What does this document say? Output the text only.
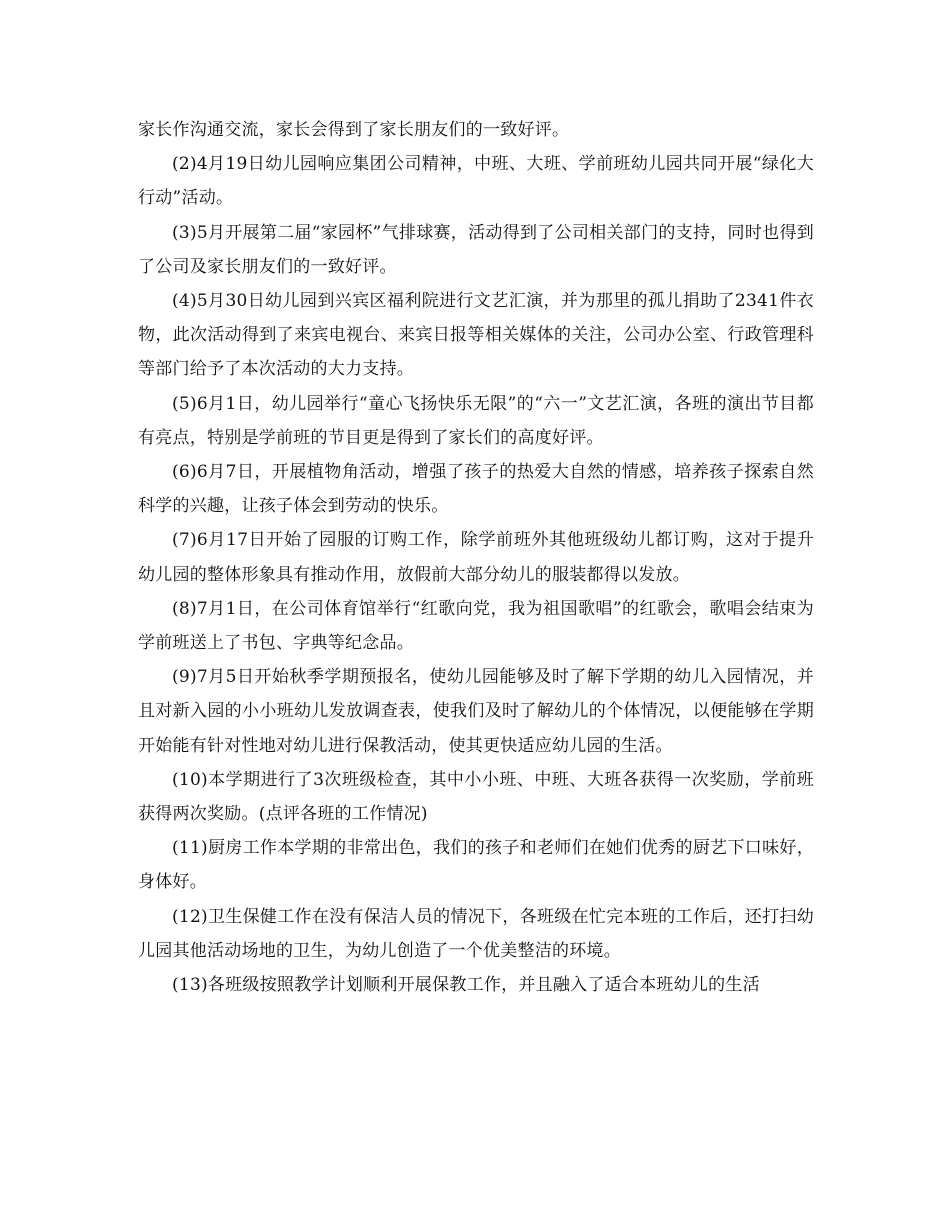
家长作沟通交流，家长会得到了家长朋友们的一致好评。

(2)4月19日幼儿园响应集团公司精神，中班、大班、学前班幼儿园共同开展“绿化大行动”活动。

(3)5月开展第二届“家园杯”气排球赛，活动得到了公司相关部门的支持，同时也得到了公司及家长朋友们的一致好评。

(4)5月30日幼儿园到兴宾区福利院进行文艺汇演，并为那里的孤儿捐助了2341件衣物，此次活动得到了来宾电视台、来宾日报等相关媒体的关注，公司办公室、行政管理科等部门给予了本次活动的大力支持。

(5)6月1日，幼儿园举行“童心飞扬快乐无限”的“六一”文艺汇演，各班的演出节目都有亮点，特别是学前班的节目更是得到了家长们的高度好评。

(6)6月7日，开展植物角活动，增强了孩子的热爱大自然的情感，培养孩子探索自然科学的兴趣，让孩子体会到劳动的快乐。

(7)6月17日开始了园服的订购工作，除学前班外其他班级幼儿都订购，这对于提升幼儿园的整体形象具有推动作用，放假前大部分幼儿的服装都得以发放。

(8)7月1日，在公司体育馆举行“红歌向党，我为祖国歌唱”的红歌会，歌唱会结束为学前班送上了书包、字典等纪念品。

(9)7月5日开始秋季学期预报名，使幼儿园能够及时了解下学期的幼儿入园情况，并且对新入园的小小班幼儿发放调查表，使我们及时了解幼儿的个体情况，以便能够在学期开始能有针对性地对幼儿进行保教活动，使其更快适应幼儿园的生活。

(10)本学期进行了3次班级检查，其中小小班、中班、大班各获得一次奖励，学前班获得两次奖励。(点评各班的工作情况)

(11)厨房工作本学期的非常出色，我们的孩子和老师们在她们优秀的厨艺下口味好，身体好。

(12)卫生保健工作在没有保洁人员的情况下，各班级在忙完本班的工作后，还打扫幼儿园其他活动场地的卫生，为幼儿创造了一个优美整洁的环境。

(13)各班级按照教学计划顺利开展保教工作，并且融入了适合本班幼儿的生活
